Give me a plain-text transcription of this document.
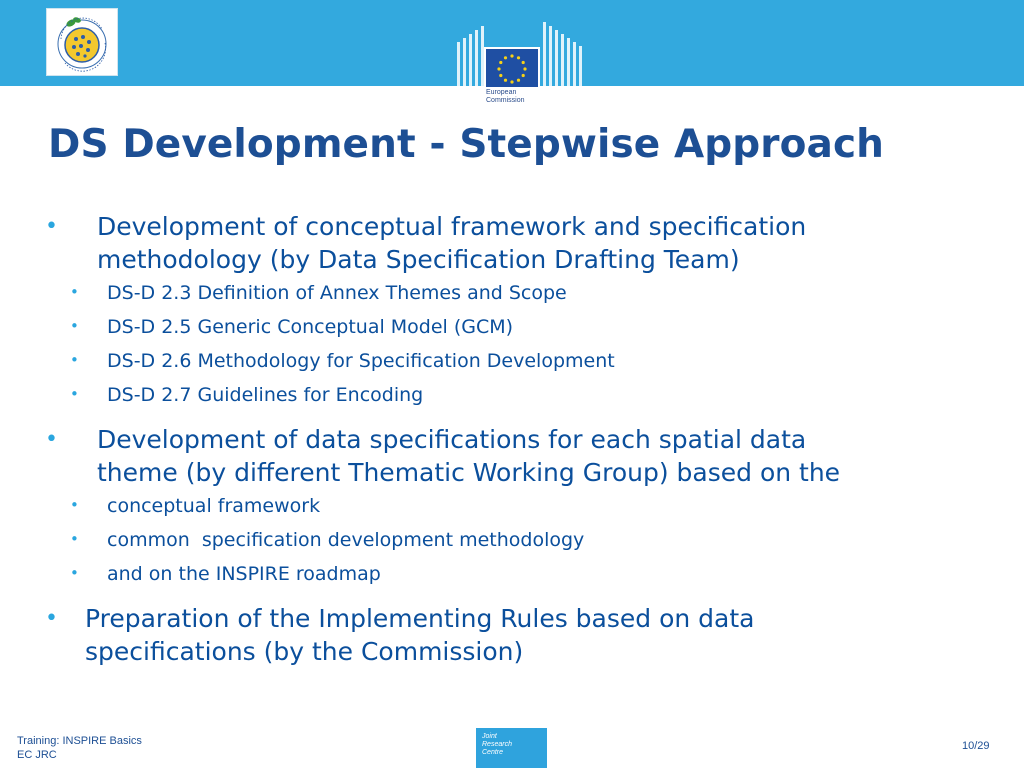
European
Commission
DS Development - Stepwise Approach
• Development of conceptual framework and specification
methodology (by Data Specification Drafting Team)
• DS-D 2.3 Definition of Annex Themes and Scope
• DS-D 2.5 Generic Conceptual Model (GCM)
• DS-D 2.6 Methodology for Specification Development
• DS-D 2.7 Guidelines for Encoding
• Development of data specifications for each spatial data
theme (by different Thematic Working Group) based on the
• conceptual framework
• common  specification development methodology
• and on the INSPIRE roadmap
• Preparation of the Implementing Rules based on data
specifications (by the Commission)
Training: INSPIRE Basics
EC JRC
Joint
Research
Centre
10/29
